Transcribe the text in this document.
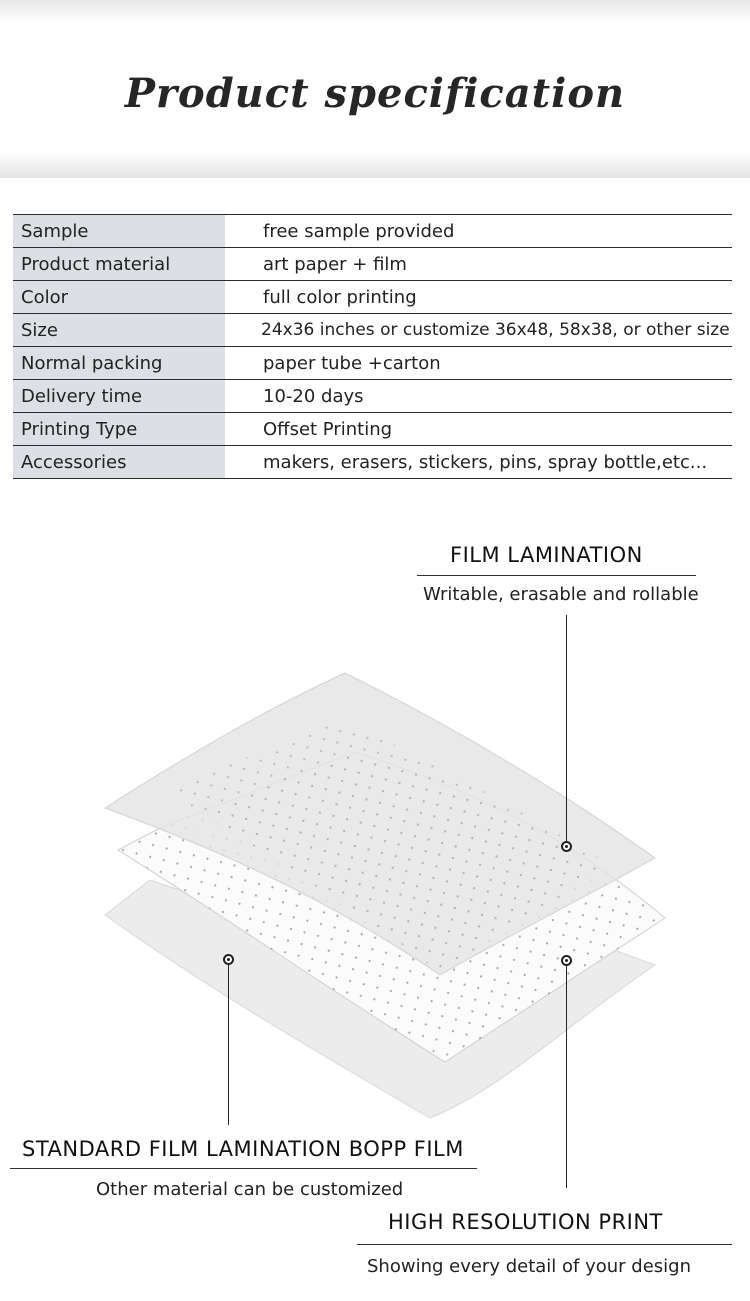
Product specification
Sample	free sample provided
Product material	art paper + film
Color	full color printing
Size	24x36 inches or customize 36x48, 58x38, or other size
Normal packing	paper tube +carton
Delivery time	10-20 days
Printing Type	Offset Printing
Accessories	makers, erasers, stickers, pins, spray bottle,etc...
FILM LAMINATION
Writable, erasable and rollable
STANDARD FILM LAMINATION BOPP FILM
Other material can be customized
HIGH RESOLUTION PRINT
Showing every detail of your design
